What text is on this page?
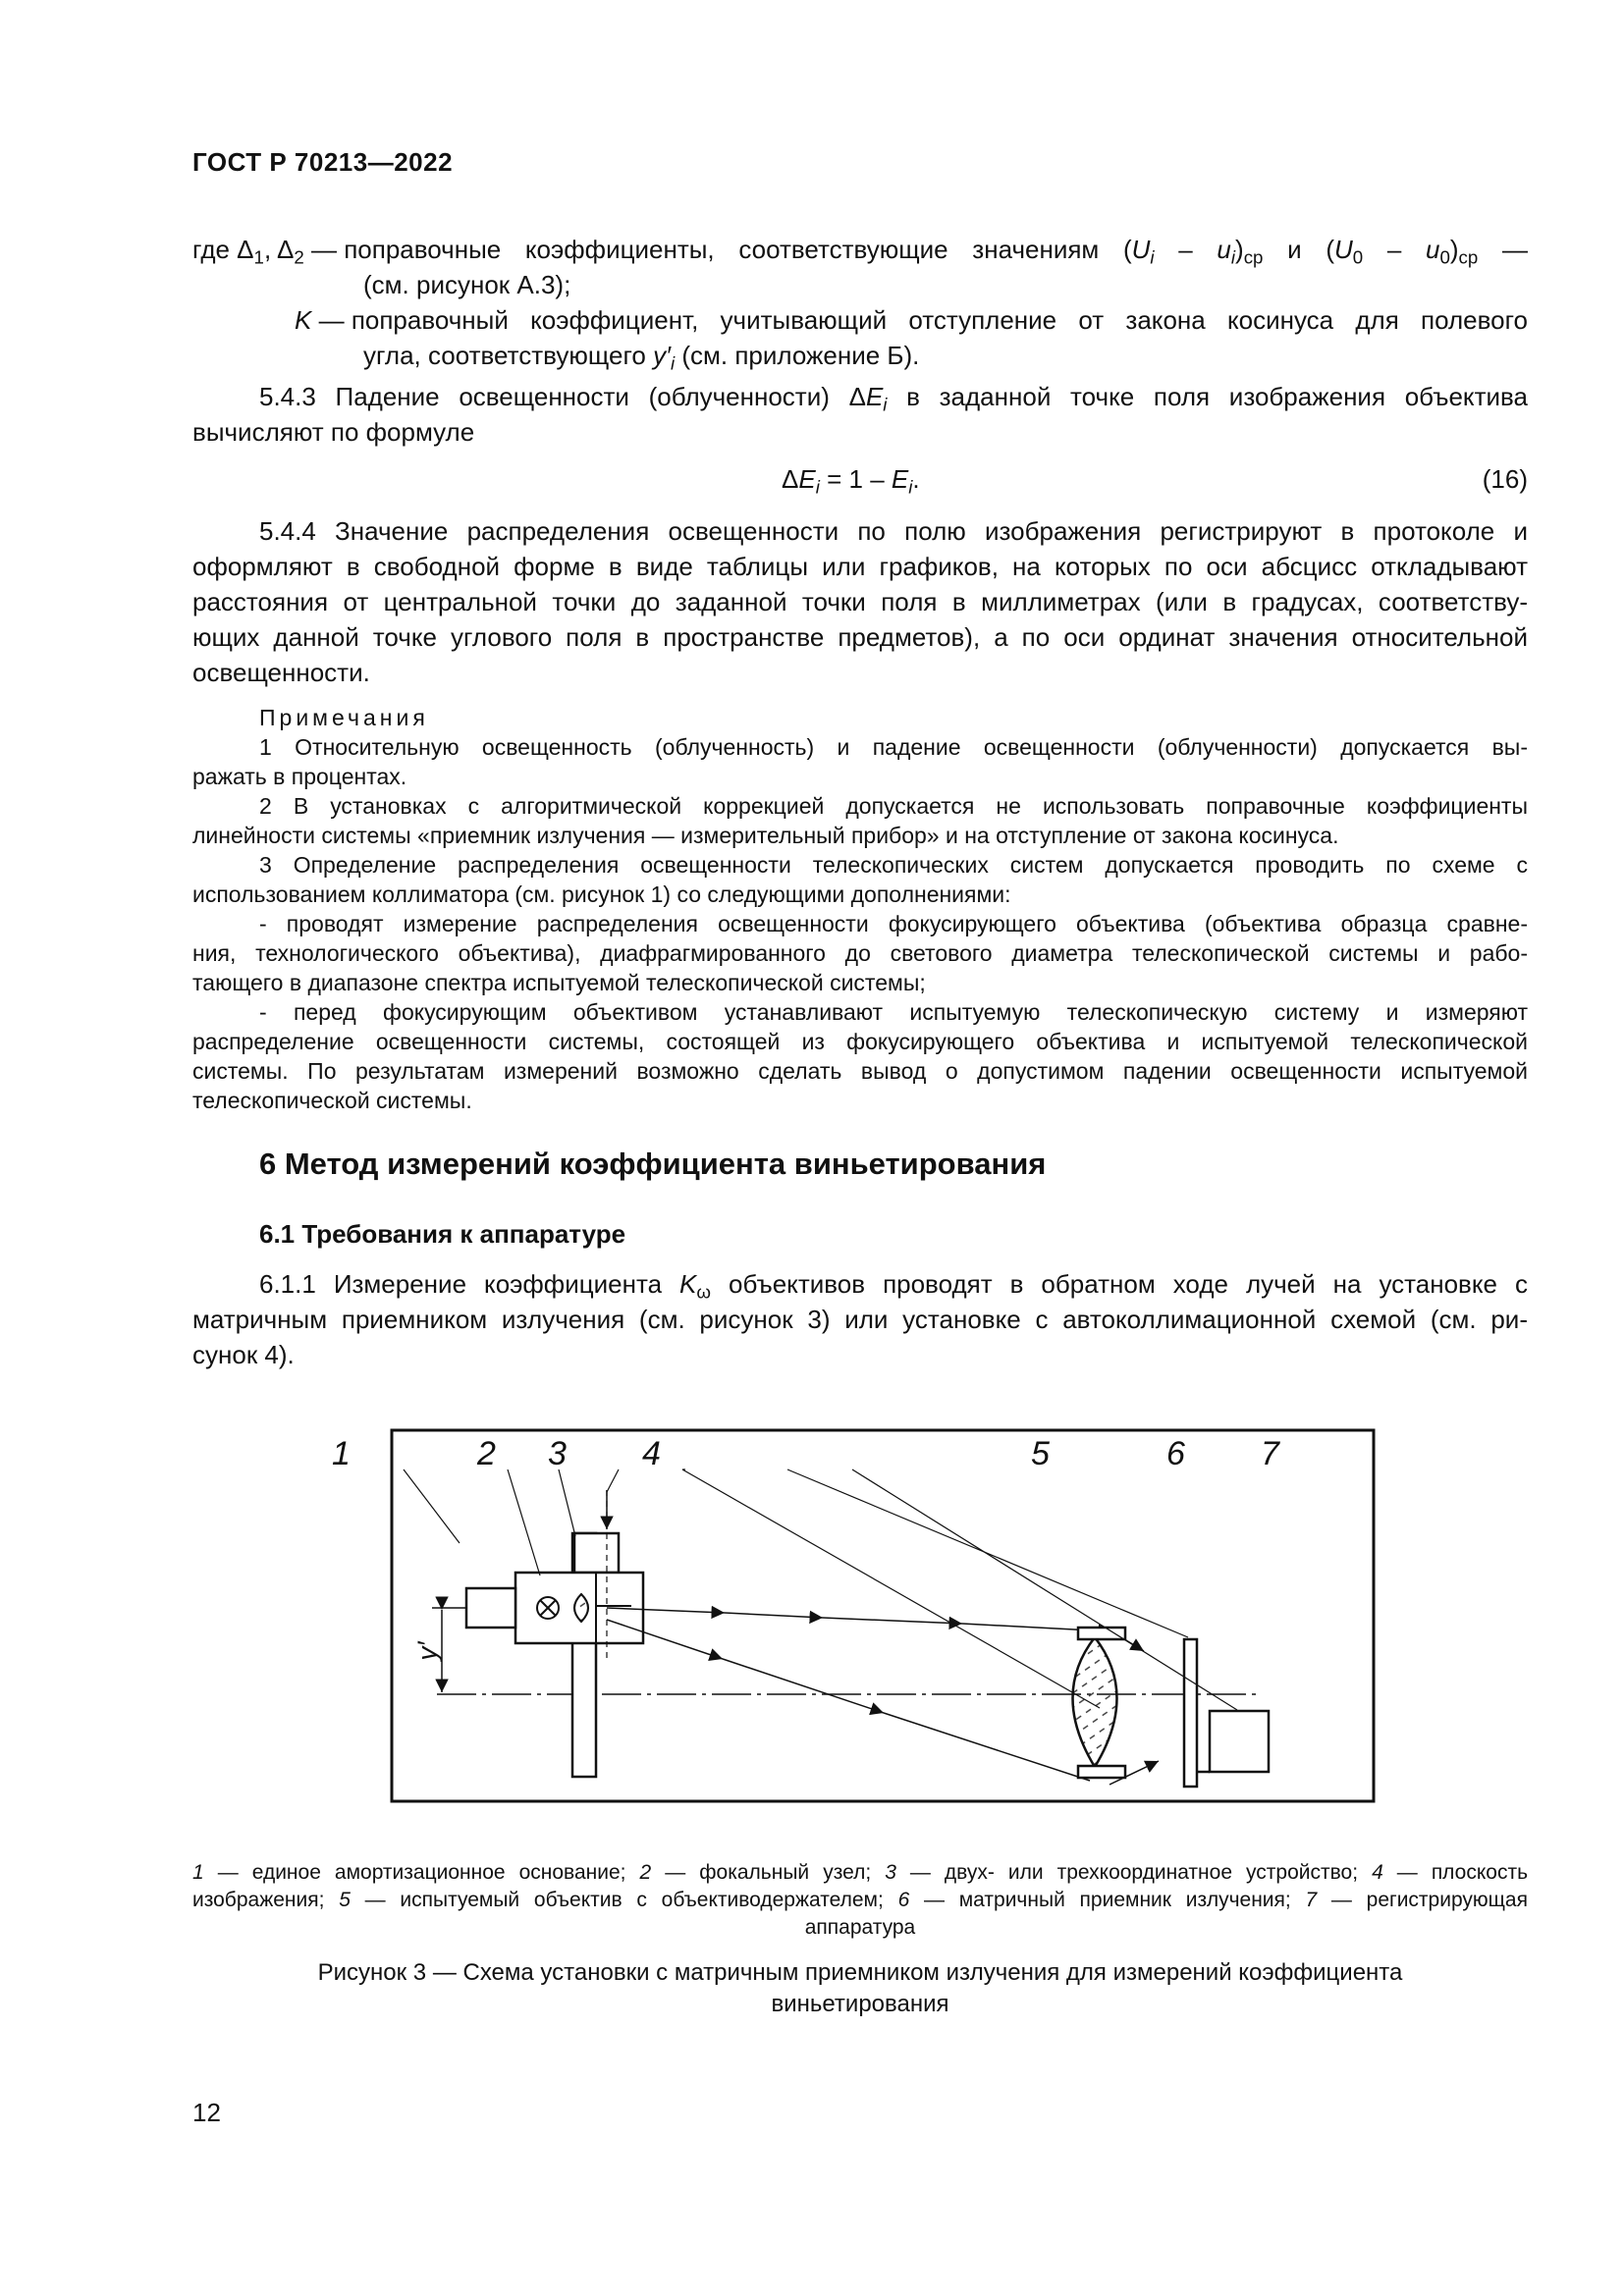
ГОСТ Р 70213—2022
где $\Delta_1$, $\Delta_2$ — поправочные коэффициенты, соответствующие значениям $(U_i - u_i)_{ср}$ и $(U_0 - u_0)_{ср}$ —
(см. рисунок А.3);
K — поправочный коэффициент, учитывающий отступление от закона косинуса для полевого
угла, соответствующего $y'_i$ (см. приложение Б).
5.4.3 Падение освещенности (облученности) $\Delta E_i$ в заданной точке поля изображения объектива
вычисляют по формуле
$\Delta E_i = 1 - E_i$.	(16)
5.4.4 Значение распределения освещенности по полю изображения регистрируют в протоколе и
оформляют в свободной форме в виде таблицы или графиков, на которых по оси абсцисс откладывают
расстояния от центральной точки до заданной точки поля в миллиметрах (или в градусах, соответству-
ющих данной точке углового поля в пространстве предметов), а по оси ординат значения относительной
освещенности.
Примечания
1 Относительную освещенность (облученность) и падение освещенности (облученности) допускается вы-
ражать в процентах.
2 В установках с алгоритмической коррекцией допускается не использовать поправочные коэффициенты
линейности системы «приемник излучения — измерительный прибор» и на отступление от закона косинуса.
3 Определение распределения освещенности телескопических систем допускается проводить по схеме с
использованием коллиматора (см. рисунок 1) со следующими дополнениями:
- проводят измерение распределения освещенности фокусирующего объектива (объектива образца сравне-
ния, технологического объектива), диафрагмированного до светового диаметра телескопической системы и рабо-
тающего в диапазоне спектра испытуемой телескопической системы;
- перед фокусирующим объективом устанавливают испытуемую телескопическую систему и измеряют
распределение освещенности системы, состоящей из фокусирующего объектива и испытуемой телескопической
системы. По результатам измерений возможно сделать вывод о допустимом падении освещенности испытуемой
телескопической системы.
6 Метод измерений коэффициента виньетирования
6.1 Требования к аппаратуре
6.1.1 Измерение коэффициента $K_\omega$ объективов проводят в обратном ходе лучей на установке с
матричным приемником излучения (см. рисунок 3) или установке с автоколлимационной схемой (см. ри-
сунок 4).
1	2 3 4	5	6 7
y′
1 — единое амортизационное основание; 2 — фокальный узел; 3 — двух- или трехкоординатное устройство; 4 — плоскость
изображения; 5 — испытуемый объектив с объективодержателем; 6 — матричный приемник излучения; 7 — регистрирующая
аппаратура
Рисунок 3 — Схема установки с матричным приемником излучения для измерений коэффициента
виньетирования
12
